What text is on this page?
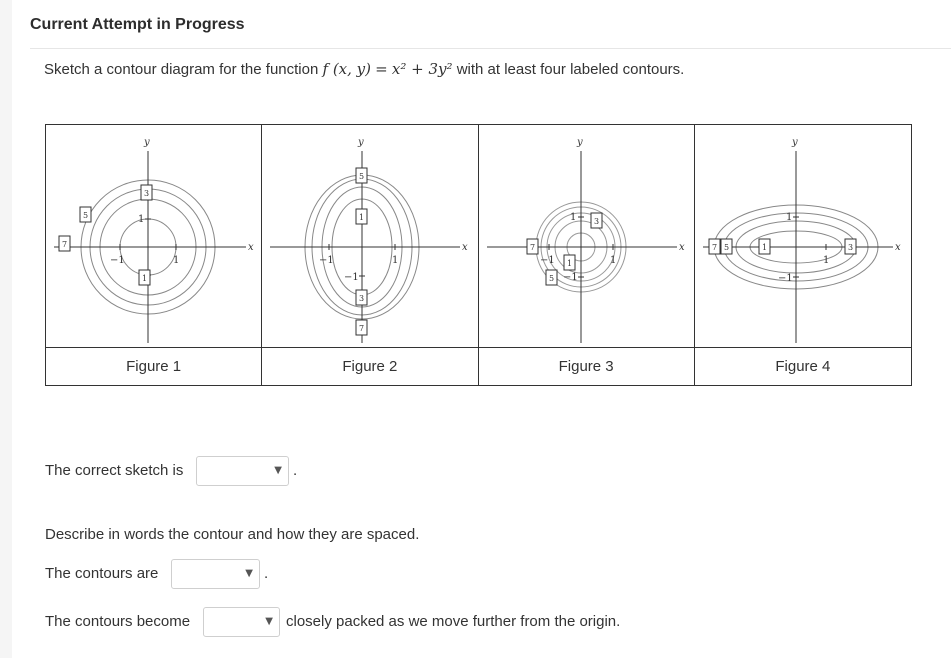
Current Attempt in Progress
Sketch a contour diagram for the function f (x, y) = x² + 3y² with at least four labeled contours.
x
y
1
−1
1
5
7
3
1
x
y
1
−1
−1
5
1
3
7
x
y
1
−1
1
−1
7
3
1
5
x
y
1
1
−1
7 5	1	3
Figure 1	Figure 2	Figure 3	Figure 4
The correct sketch is	▼ .
Describe in words the contour and how they are spaced.
The contours are	▼ .
The contours become	▼ closely packed as we move further from the origin.
